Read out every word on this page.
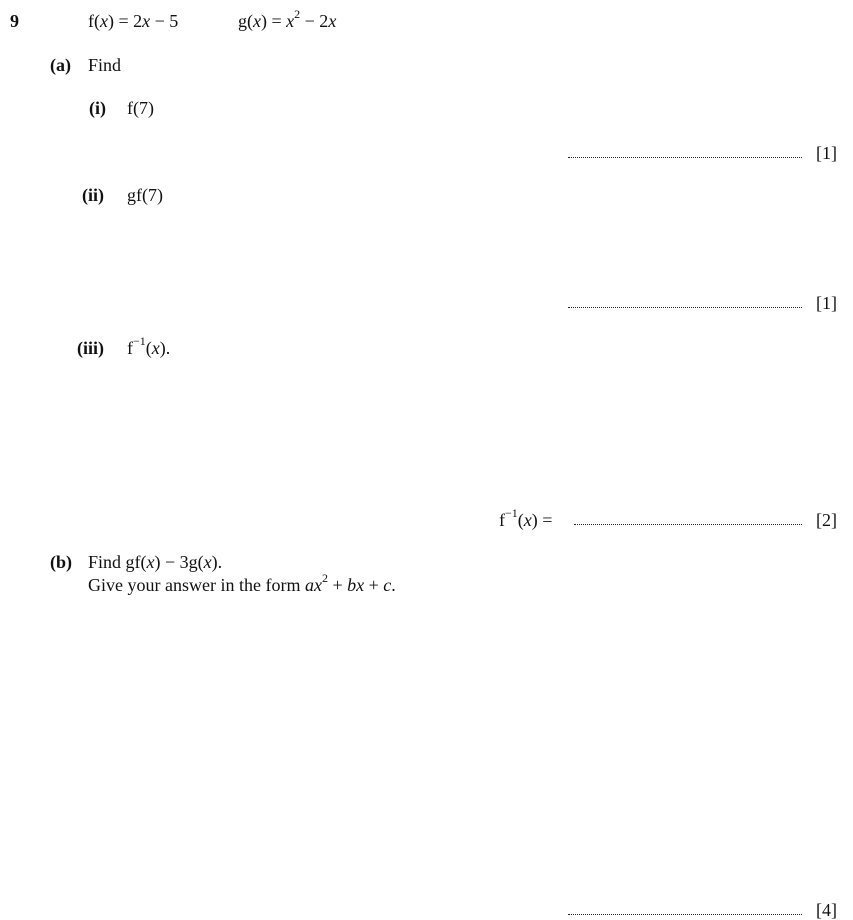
9	f(x) = 2x − 5	$g(x) = x^2 - 2x$
(a) Find
(i) f(7)
[1]
(ii) gf(7)
[1]
(iii) $f^{-1}(x)$.
$f^{-1}(x)$ =	[2]
(b) Find gf(x) − 3g(x).
Give your answer in the form $ax^2$ + bx + c.
[4]
